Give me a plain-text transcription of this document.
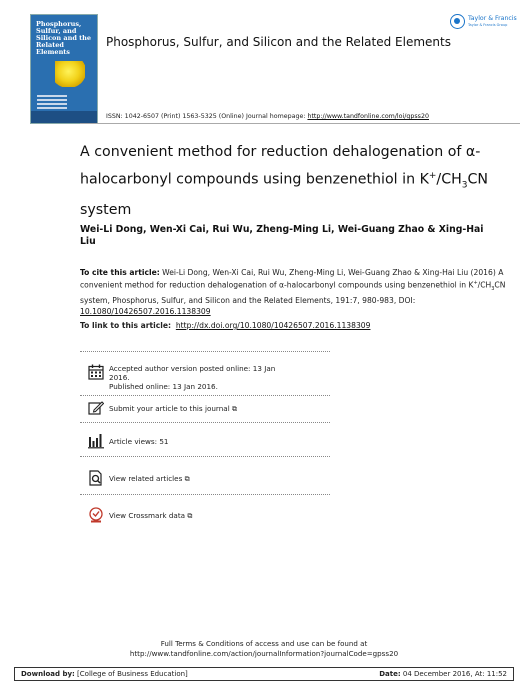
Phosphorus, Sulfur, and Silicon and the Related Elements
Phosphorus, Sulfur, and Silicon and the Related Elements
Taylor & Francis
Taylor & Francis Group
ISSN: 1042-6507 (Print) 1563-5325 (Online) Journal homepage: http://www.tandfonline.com/loi/gpss20
A convenient method for reduction dehalogenation of α-halocarbonyl compounds using benzenethiol in $K^+/CH_3CN$ system
Wei-Li Dong, Wen-Xi Cai, Rui Wu, Zheng-Ming Li, Wei-Guang Zhao & Xing-Hai Liu
To cite this article: Wei-Li Dong, Wen-Xi Cai, Rui Wu, Zheng-Ming Li, Wei-Guang Zhao & Xing-Hai Liu (2016) A convenient method for reduction dehalogenation of α-halocarbonyl compounds using benzenethiol in $K^+/CH_3CN$ system, Phosphorus, Sulfur, and Silicon and the Related Elements, 191:7, 980-983, DOI: 10.1080/10426507.2016.1138309
To link to this article: http://dx.doi.org/10.1080/10426507.2016.1138309
Accepted author version posted online: 13 Jan 2016.
Published online: 13 Jan 2016.
Submit your article to this journal ⧉
Article views: 51
View related articles ⧉
View Crossmark data ⧉
Full Terms & Conditions of access and use can be found at
http://www.tandfonline.com/action/journalInformation?journalCode=gpss20
Download by: [College of Business Education]	Date: 04 December 2016, At: 11:52
